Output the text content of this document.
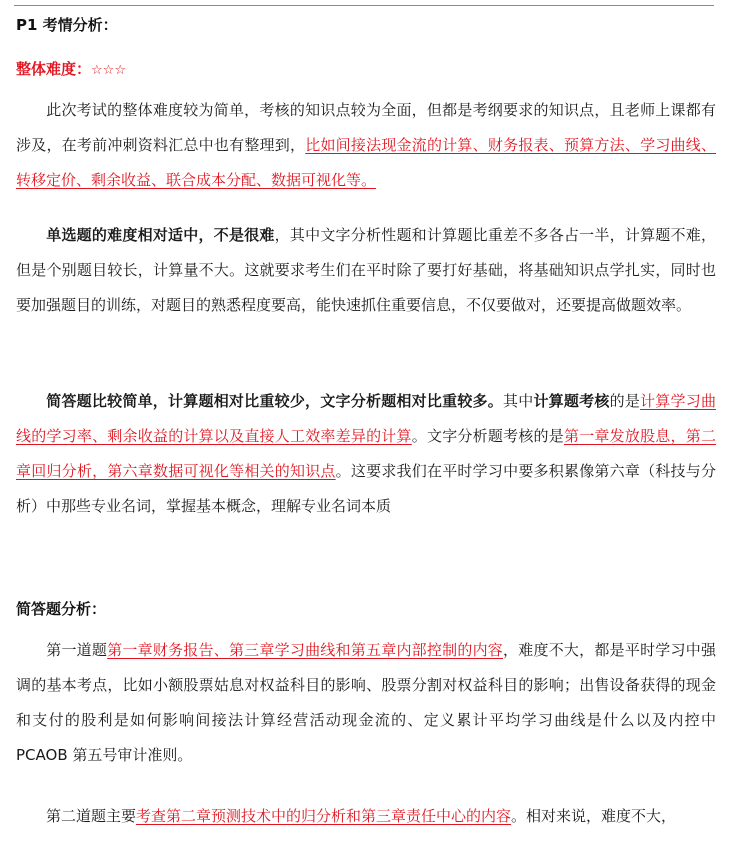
P1 考情分析：

整体难度：☆☆☆

此次考试的整体难度较为简单，考核的知识点较为全面，但都是考纲要求的知识点，且老师上课都有涉及，在考前冲刺资料汇总中也有整理到，比如间接法现金流的计算、财务报表、预算方法、学习曲线、转移定价、剩余收益、联合成本分配、数据可视化等。

单选题的难度相对适中，不是很难，其中文字分析性题和计算题比重差不多各占一半，计算题不难，但是个别题目较长，计算量不大。这就要求考生们在平时除了要打好基础，将基础知识点学扎实，同时也要加强题目的训练，对题目的熟悉程度要高，能快速抓住重要信息，不仅要做对，还要提高做题效率。

简答题比较简单，计算题相对比重较少，文字分析题相对比重较多。其中计算题考核的是计算学习曲线的学习率、剩余收益的计算以及直接人工效率差异的计算。文字分析题考核的是第一章发放股息，第二章回归分析，第六章数据可视化等相关的知识点。这要求我们在平时学习中要多积累像第六章（科技与分析）中那些专业名词，掌握基本概念，理解专业名词本质

简答题分析：

第一道题第一章财务报告、第三章学习曲线和第五章内部控制的内容，难度不大，都是平时学习中强调的基本考点，比如小额股票姑息对权益科目的影响、股票分割对权益科目的影响；出售设备获得的现金和支付的股利是如何影响间接法计算经营活动现金流的、定义累计平均学习曲线是什么以及内控中 PCAOB 第五号审计准则。

第二道题主要考查第二章预测技术中的归分析和第三章责任中心的内容。相对来说，难度不大，
